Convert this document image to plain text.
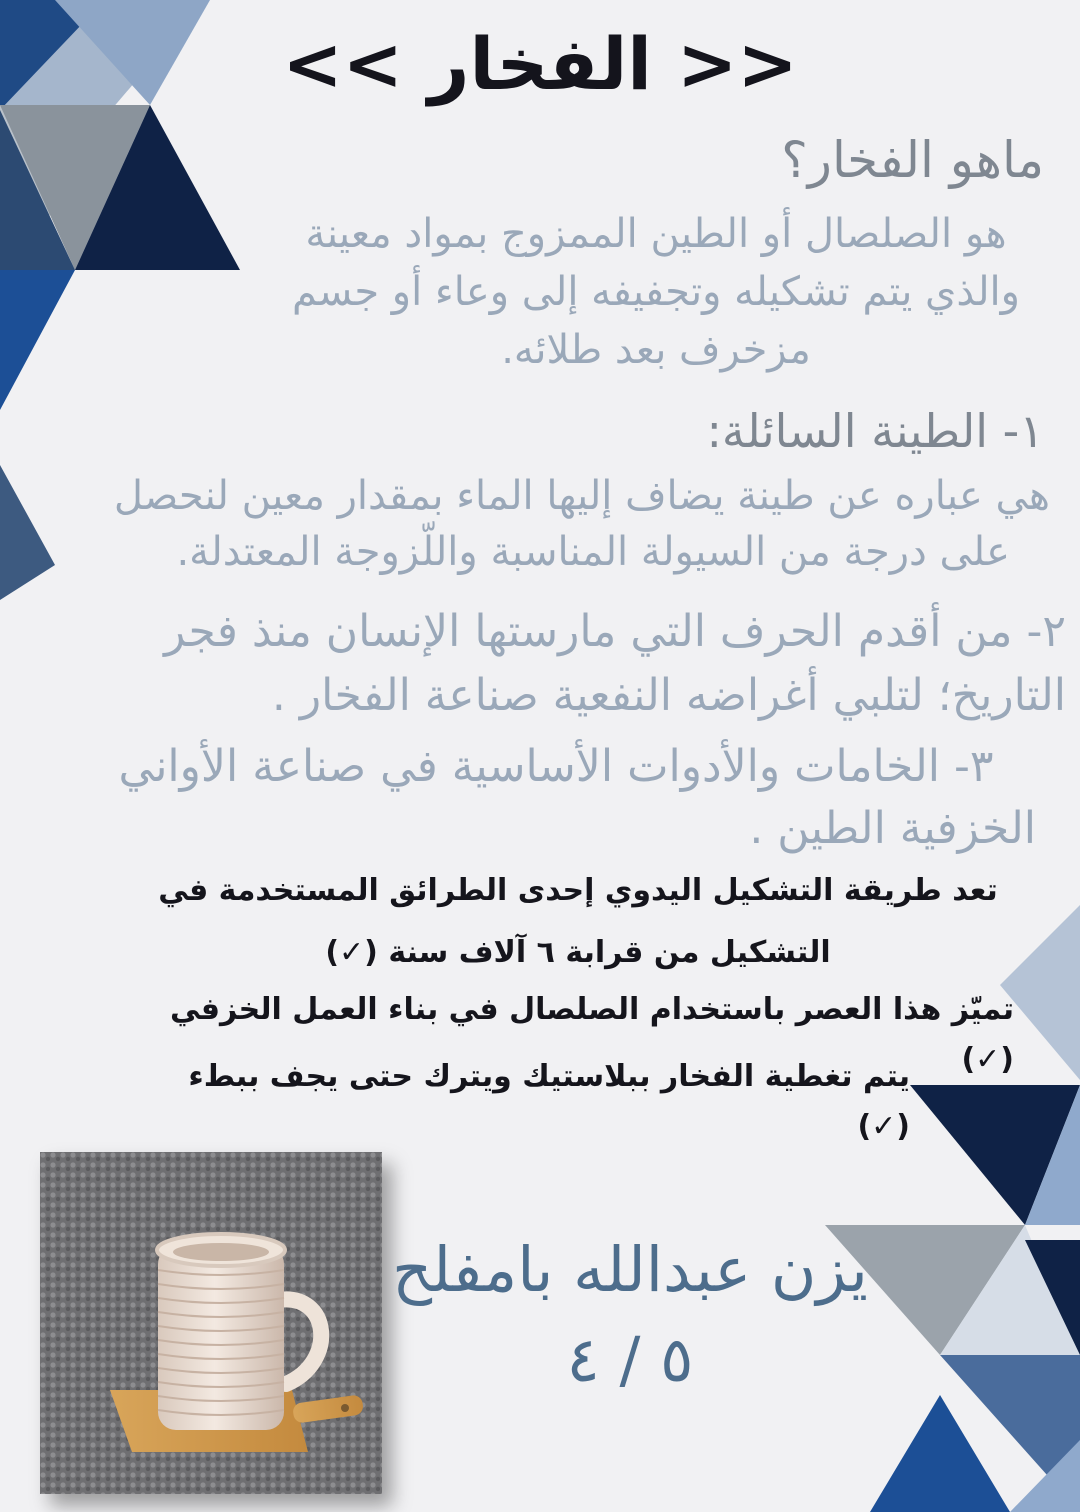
<< الفخار >>
ماهو الفخار؟
هو الصلصال أو الطين الممزوج بمواد معينة
والذي يتم تشكيله وتجفيفه إلى وعاء أو جسم
مزخرف بعد طلائه.
١- الطينة السائلة:
هي عباره عن طينة يضاف إليها الماء بمقدار معين لنحصل
على درجة من السيولة المناسبة واللّزوجة المعتدلة.
٢- من أقدم الحرف التي مارستها الإنسان منذ فجر
التاريخ؛ لتلبي أغراضه النفعية صناعة الفخار .
٣- الخامات والأدوات الأساسية في صناعة الأواني
الخزفية الطين .
تعد طريقة التشكيل اليدوي إحدى الطرائق المستخدمة في التشكيل من قرابة ٦ آلاف سنة (✓)
تميّز هذا العصر باستخدام الصلصال في بناء العمل الخزفي (✓)
يتم تغطية الفخار ببلاستيك ويترك حتى يجف ببطء (✓)
يزن عبدالله بامفلح
٥ / ٤
